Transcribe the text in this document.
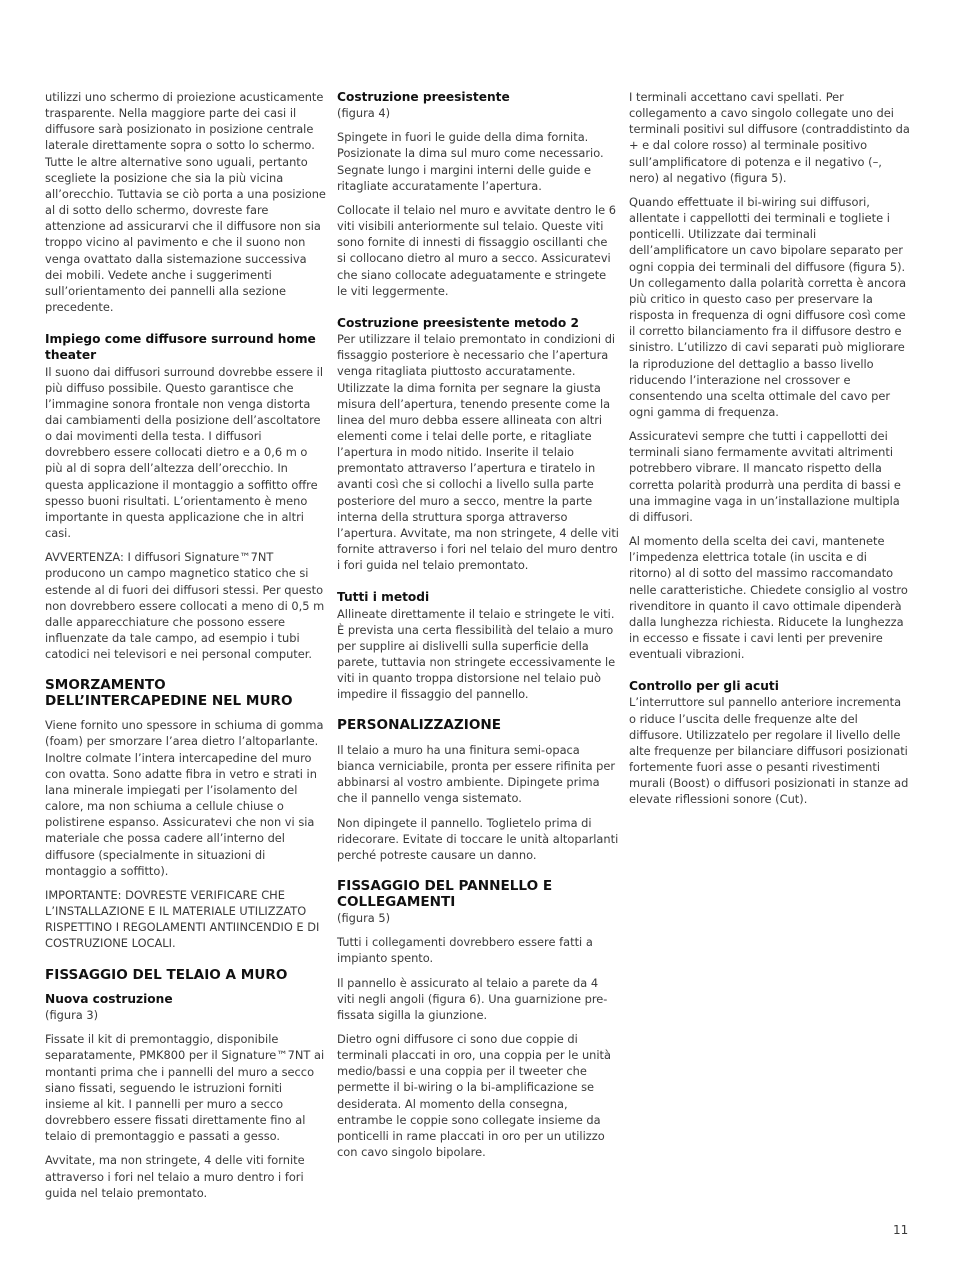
utilizzi uno schermo di proiezione acusticamente trasparente. Nella maggiore parte dei casi il diffusore sarà posizionato in posizione centrale laterale direttamente sopra o sotto lo schermo. Tutte le altre alternative sono uguali, pertanto scegliete la posizione che sia la più vicina all’orecchio. Tuttavia se ciò porta a una posizione al di sotto dello schermo, dovreste fare attenzione ad assicurarvi che il diffusore non sia troppo vicino al pavimento e che il suono non venga ovattato dalla sistemazione successiva dei mobili. Vedete anche i suggerimenti sull’orientamento dei pannelli alla sezione precedente.

Impiego come diffusore surround home theater

Il suono dai diffusori surround dovrebbe essere il più diffuso possibile. Questo garantisce che l’immagine sonora frontale non venga distorta dai cambiamenti della posizione dell’ascoltatore o dai movimenti della testa. I diffusori dovrebbero essere collocati dietro e a 0,6 m o più al di sopra dell’altezza dell’orecchio. In questa applicazione il montaggio a soffitto offre spesso buoni risultati. L’orientamento è meno importante in questa applicazione che in altri casi.

AVVERTENZA: I diffusori Signature™7NT producono un campo magnetico statico che si estende al di fuori dei diffusori stessi. Per questo non dovrebbero essere collocati a meno di 0,5 m dalle apparecchiature che possono essere influenzate da tale campo, ad esempio i tubi catodici nei televisori e nei personal computer.

SMORZAMENTO DELL’INTERCAPEDINE NEL MURO

Viene fornito uno spessore in schiuma di gomma (foam) per smorzare l’area dietro l’altoparlante. Inoltre colmate l’intera intercapedine del muro con ovatta. Sono adatte fibra in vetro e strati in lana minerale impiegati per l’isolamento del calore, ma non schiuma a cellule chiuse o polistirene espanso. Assicuratevi che non vi sia materiale che possa cadere all’interno del diffusore (specialmente in situazioni di montaggio a soffitto).

IMPORTANTE: DOVRESTE VERIFICARE CHE L’INSTALLAZIONE E IL MATERIALE UTILIZZATO RISPETTINO I REGOLAMENTI ANTIINCENDIO E DI COSTRUZIONE LOCALI.

FISSAGGIO DEL TELAIO A MURO
Nuova costruzione

(figura 3)

Fissate il kit di premontaggio, disponibile separatamente, PMK800 per il Signature™7NT ai montanti prima che i pannelli del muro a secco siano fissati, seguendo le istruzioni forniti insieme al kit. I pannelli per muro a secco dovrebbero essere fissati direttamente fino al telaio di premontaggio e passati a gesso.

Avvitate, ma non stringete, 4 delle viti fornite attraverso i fori nel telaio a muro dentro i fori guida nel telaio premontato.

Costruzione preesistente

(figura 4)

Spingete in fuori le guide della dima fornita. Posizionate la dima sul muro come necessario. Segnate lungo i margini interni delle guide e ritagliate accuratamente l’apertura.

Collocate il telaio nel muro e avvitate dentro le 6 viti visibili anteriormente sul telaio. Queste viti sono fornite di innesti di fissaggio oscillanti che si collocano dietro al muro a secco. Assicuratevi che siano collocate adeguatamente e stringete le viti leggermente.

Costruzione preesistente metodo 2

Per utilizzare il telaio premontato in condizioni di fissaggio posteriore è necessario che l’apertura venga ritagliata piuttosto accuratamente. Utilizzate la dima fornita per segnare la giusta misura dell’apertura, tenendo presente come la linea del muro debba essere allineata con altri elementi come i telai delle porte, e ritagliate l’apertura in modo nitido. Inserite il telaio premontato attraverso l’apertura e tiratelo in avanti così che si collochi a livello sulla parte posteriore del muro a secco, mentre la parte interna della struttura sporga attraverso l’apertura. Avvitate, ma non stringete, 4 delle viti fornite attraverso i fori nel telaio del muro dentro i fori guida nel telaio premontato.

Tutti i metodi

Allineate direttamente il telaio e stringete le viti. È prevista una certa flessibilità del telaio a muro per supplire ai dislivelli sulla superficie della parete, tuttavia non stringete eccessivamente le viti in quanto troppa distorsione nel telaio può impedire il fissaggio del pannello.

PERSONALIZZAZIONE

Il telaio a muro ha una finitura semi-opaca bianca verniciabile, pronta per essere rifinita per abbinarsi al vostro ambiente. Dipingete prima che il pannello venga sistemato.

Non dipingete il pannello. Toglietelo prima di ridecorare. Evitate di toccare le unità altoparlanti perché potreste causare un danno.

FISSAGGIO DEL PANNELLO E COLLEGAMENTI

(figura 5)

Tutti i collegamenti dovrebbero essere fatti a impianto spento.

Il pannello è assicurato al telaio a parete da 4 viti negli angoli (figura 6). Una guarnizione pre-fissata sigilla la giunzione.

Dietro ogni diffusore ci sono due coppie di terminali placcati in oro, una coppia per le unità medio/bassi e una coppia per il tweeter che permette il bi-wiring o la bi-amplificazione se desiderata. Al momento della consegna, entrambe le coppie sono collegate insieme da ponticelli in rame placcati in oro per un utilizzo con cavo singolo bipolare.

I terminali accettano cavi spellati. Per collegamento a cavo singolo collegate uno dei terminali positivi sul diffusore (contraddistinto da + e dal colore rosso) al terminale positivo sull’amplificatore di potenza e il negativo (–, nero) al negativo (figura 5).

Quando effettuate il bi-wiring sui diffusori, allentate i cappellotti dei terminali e togliete i ponticelli. Utilizzate dai terminali dell’amplificatore un cavo bipolare separato per ogni coppia dei terminali del diffusore (figura 5). Un collegamento dalla polarità corretta è ancora più critico in questo caso per preservare la risposta in frequenza di ogni diffusore così come il corretto bilanciamento fra il diffusore destro e sinistro. L’utilizzo di cavi separati può migliorare la riproduzione del dettaglio a basso livello riducendo l’interazione nel crossover e consentendo una scelta ottimale del cavo per ogni gamma di frequenza.

Assicuratevi sempre che tutti i cappellotti dei terminali siano fermamente avvitati altrimenti potrebbero vibrare. Il mancato rispetto della corretta polarità produrrà una perdita di bassi e una immagine vaga in un’installazione multipla di diffusori.

Al momento della scelta dei cavi, mantenete l’impedenza elettrica totale (in uscita e di ritorno) al di sotto del massimo raccomandato nelle caratteristiche. Chiedete consiglio al vostro rivenditore in quanto il cavo ottimale dipenderà dalla lunghezza richiesta. Riducete la lunghezza in eccesso e fissate i cavi lenti per prevenire eventuali vibrazioni.

Controllo per gli acuti

L’interruttore sul pannello anteriore incrementa o riduce l’uscita delle frequenze alte del diffusore. Utilizzatelo per regolare il livello delle alte frequenze per bilanciare diffusori posizionati fortemente fuori asse o pesanti rivestimenti murali (Boost) o diffusori posizionati in stanze ad elevate riflessioni sonore (Cut).

11
